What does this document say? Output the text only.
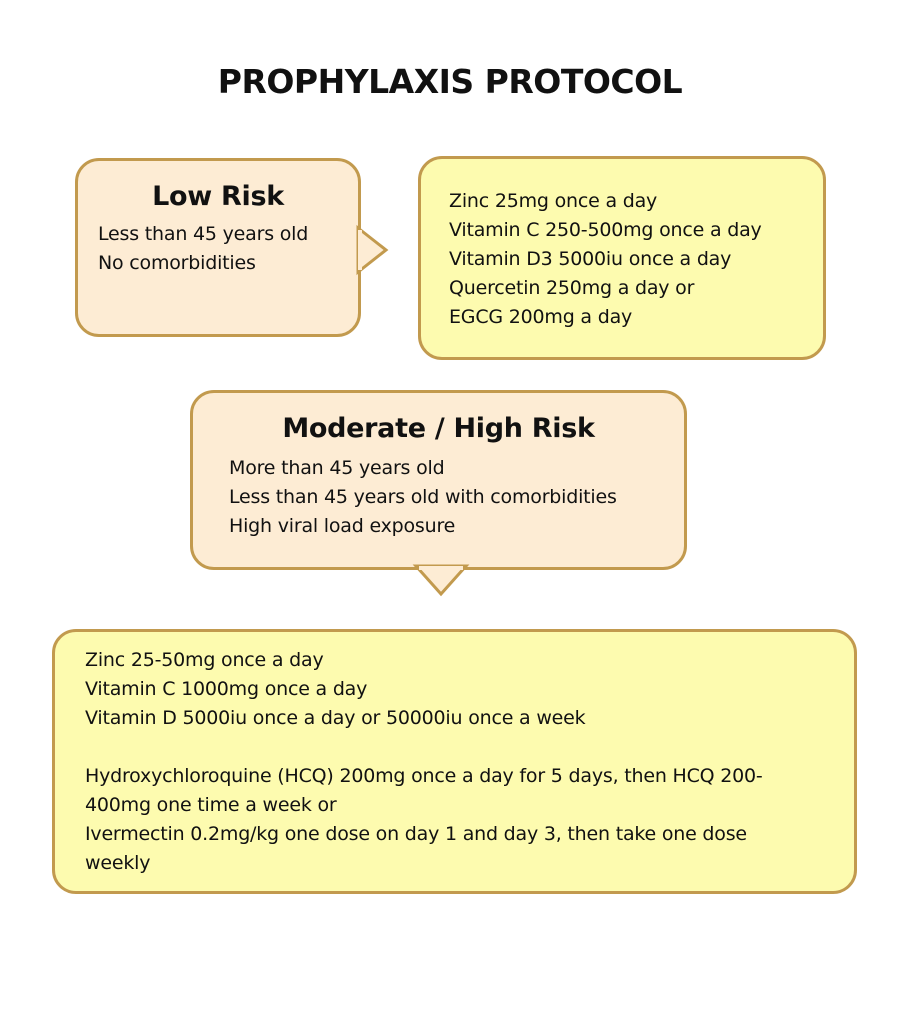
PROPHYLAXIS PROTOCOL
Low Risk
Less than 45 years old
No comorbidities
Zinc 25mg once a day
Vitamin C 250-500mg once a day
Vitamin D3 5000iu once a day
Quercetin 250mg a day or
EGCG 200mg a day
Moderate / High Risk
More than 45 years old
Less than 45 years old with comorbidities
High viral load exposure
Zinc 25-50mg once a day
Vitamin C 1000mg once a day
Vitamin D 5000iu once a day or 50000iu once a week
Hydroxychloroquine (HCQ) 200mg once a day for 5 days, then HCQ 200-
400mg one time a week or
Ivermectin 0.2mg/kg one dose on day 1 and day 3, then take one dose
weekly
